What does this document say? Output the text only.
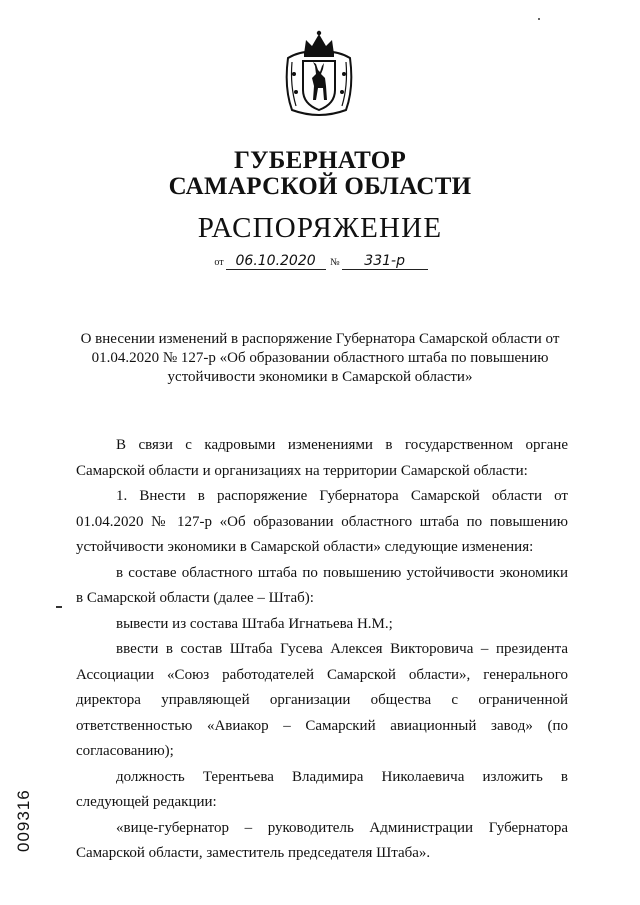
ГУБЕРНАТОР
САМАРСКОЙ ОБЛАСТИ
РАСПОРЯЖЕНИЕ
от 06.10.2020 № 331-р
О внесении изменений в распоряжение Губернатора Самарской области от 01.04.2020 № 127-р «Об образовании областного штаба по повышению устойчивости экономики в Самарской области»

В связи с кадровыми изменениями в государственном органе Самарской области и организациях на территории Самарской области:

1. Внести в распоряжение Губернатора Самарской области от 01.04.2020 № 127-р «Об образовании областного штаба по повышению устойчивости экономики в Самарской области» следующие изменения:

в составе областного штаба по повышению устойчивости экономики в Самарской области (далее – Штаб):

вывести из состава Штаба Игнатьева Н.М.;

ввести в состав Штаба Гусева Алексея Викторовича – президента Ассоциации «Союз работодателей Самарской области», генерального директора управляющей организации общества с ограниченной ответственностью «Авиакор – Самарский авиационный завод» (по согласованию);

должность Терентьева Владимира Николаевича изложить в следующей редакции:

«вице-губернатор – руководитель Администрации Губернатора Самарской области, заместитель председателя Штаба».

009316
